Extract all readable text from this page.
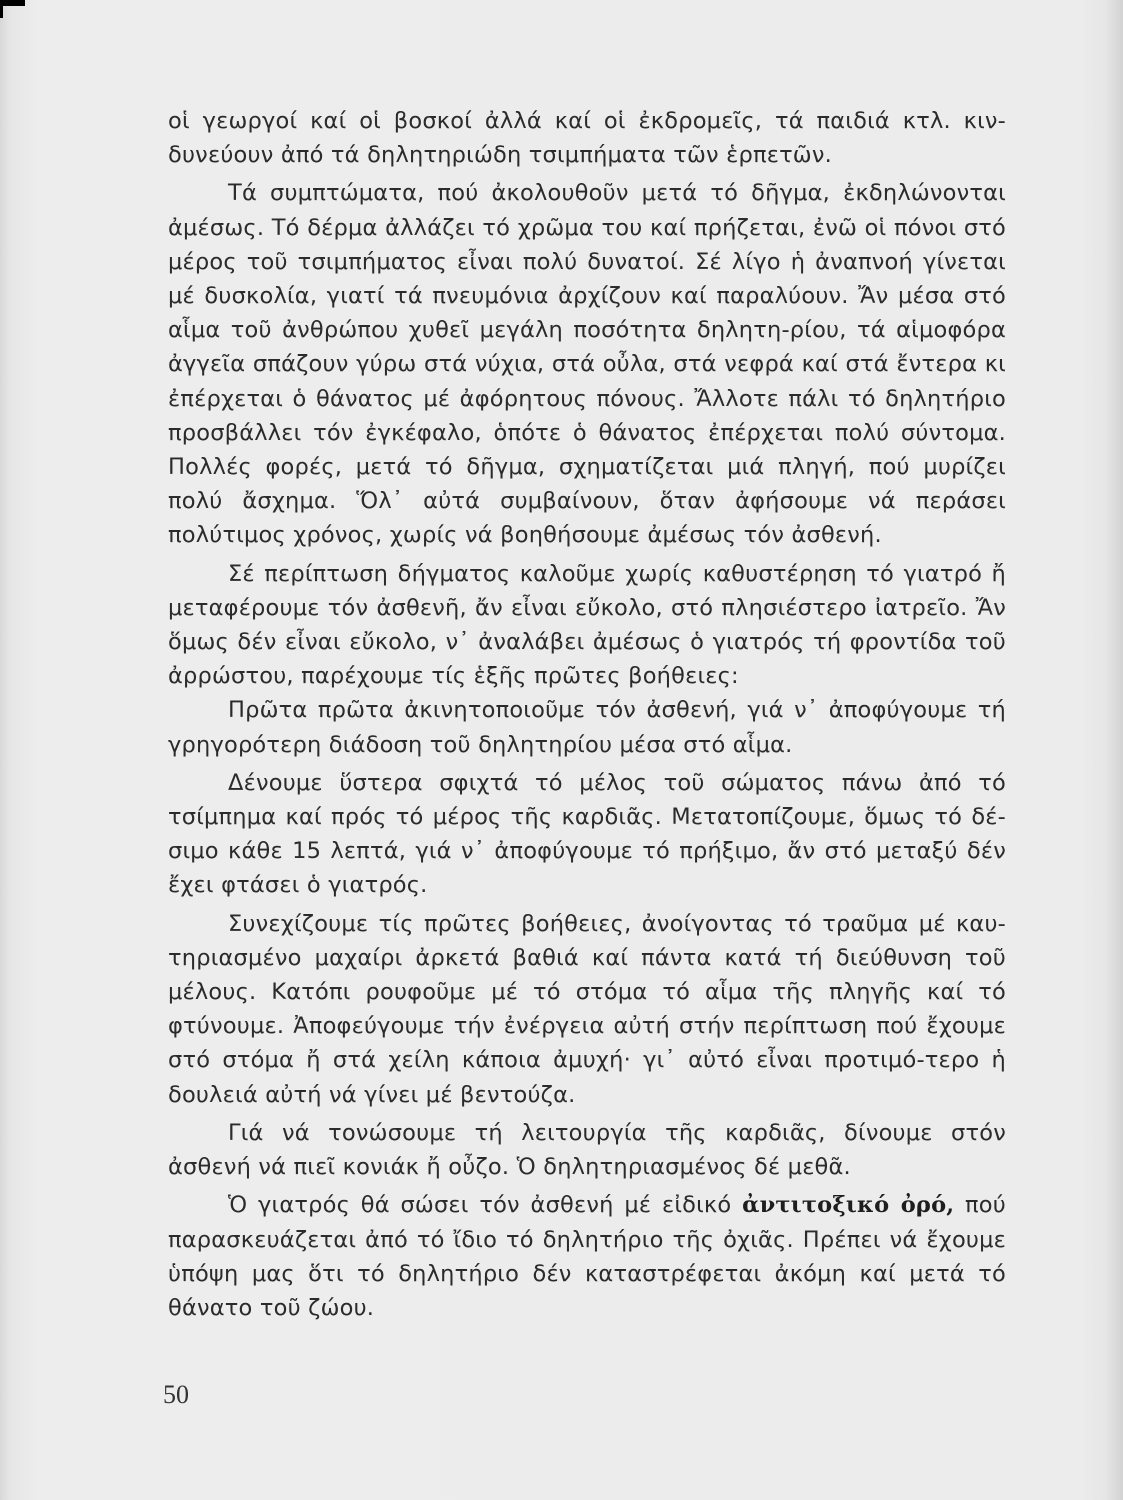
οἱ γεωργοί καί οἱ βοσκοί ἀλλά καί οἱ ἐκδρομεῖς, τά παιδιά κτλ. κιν-δυνεύουν ἀπό τά δηλητηριώδη τσιμπήματα τῶν ἑρπετῶν.

Τά συμπτώματα, πού ἀκολουθοῦν μετά τό δῆγμα, ἐκδηλώνονται ἀμέσως. Τό δέρμα ἀλλάζει τό χρῶμα του καί πρήζεται, ἐνῶ οἱ πόνοι στό μέρος τοῦ τσιμπήματος εἶναι πολύ δυνατοί. Σέ λίγο ἡ ἀναπνοή γίνεται μέ δυσκολία, γιατί τά πνευμόνια ἀρχίζουν καί παραλύουν. Ἄν μέσα στό αἷμα τοῦ ἀνθρώπου χυθεῖ μεγάλη ποσότητα δηλητη-ρίου, τά αἱμοφόρα ἀγγεῖα σπάζουν γύρω στά νύχια, στά οὖλα, στά νεφρά καί στά ἔντερα κι ἐπέρχεται ὁ θάνατος μέ ἀφόρητους πόνους. Ἄλλοτε πάλι τό δηλητήριο προσβάλλει τόν ἐγκέφαλο, ὁπότε ὁ θάνατος ἐπέρχεται πολύ σύντομα. Πολλές φορές, μετά τό δῆγμα, σχηματίζεται μιά πληγή, πού μυρίζει πολύ ἄσχημα. Ὅλ᾿ αὐτά συμβαίνουν, ὅταν ἀφήσουμε νά περάσει πολύτιμος χρόνος, χωρίς νά βοηθήσουμε ἀμέσως τόν ἀσθενή.

Σέ περίπτωση δήγματος καλοῦμε χωρίς καθυστέρηση τό γιατρό ἤ μεταφέρουμε τόν ἀσθενῆ, ἄν εἶναι εὔκολο, στό πλησιέστερο ἰατρεῖο. Ἄν ὅμως δέν εἶναι εὔκολο, ν᾿ ἀναλάβει ἀμέσως ὁ γιατρός τή φροντίδα τοῦ ἀρρώστου, παρέχουμε τίς ἑξῆς πρῶτες βοήθειες:

Πρῶτα πρῶτα ἀκινητοποιοῦμε τόν ἀσθενή, γιά ν᾿ ἀποφύγουμε τή γρηγορότερη διάδοση τοῦ δηλητηρίου μέσα στό αἷμα.

Δένουμε ὕστερα σφιχτά τό μέλος τοῦ σώματος πάνω ἀπό τό τσίμπημα καί πρός τό μέρος τῆς καρδιᾶς. Μετατοπίζουμε, ὅμως τό δέ-σιμο κάθε 15 λεπτά, γιά ν᾿ ἀποφύγουμε τό πρήξιμο, ἄν στό μεταξύ δέν ἔχει φτάσει ὁ γιατρός.

Συνεχίζουμε τίς πρῶτες βοήθειες, ἀνοίγοντας τό τραῦμα μέ καυ-τηριασμένο μαχαίρι ἀρκετά βαθιά καί πάντα κατά τή διεύθυνση τοῦ μέλους. Κατόπι ρουφοῦμε μέ τό στόμα τό αἷμα τῆς πληγῆς καί τό φτύνουμε. Ἀποφεύγουμε τήν ἐνέργεια αὐτή στήν περίπτωση πού ἔχουμε στό στόμα ἤ στά χείλη κάποια ἀμυχή· γι᾿ αὐτό εἶναι προτιμό-τερο ἡ δουλειά αὐτή νά γίνει μέ βεντούζα.

Γιά νά τονώσουμε τή λειτουργία τῆς καρδιᾶς, δίνουμε στόν ἀσθενή νά πιεῖ κονιάκ ἤ οὖζο. Ὁ δηλητηριασμένος δέ μεθᾶ.

Ὁ γιατρός θά σώσει τόν ἀσθενή μέ εἰδικό ἀντιτοξικό ὀρό, πού παρασκευάζεται ἀπό τό ἴδιο τό δηλητήριο τῆς ὀχιᾶς. Πρέπει νά ἔχουμε ὑπόψη μας ὅτι τό δηλητήριο δέν καταστρέφεται ἀκόμη καί μετά τό θάνατο τοῦ ζώου.

50
